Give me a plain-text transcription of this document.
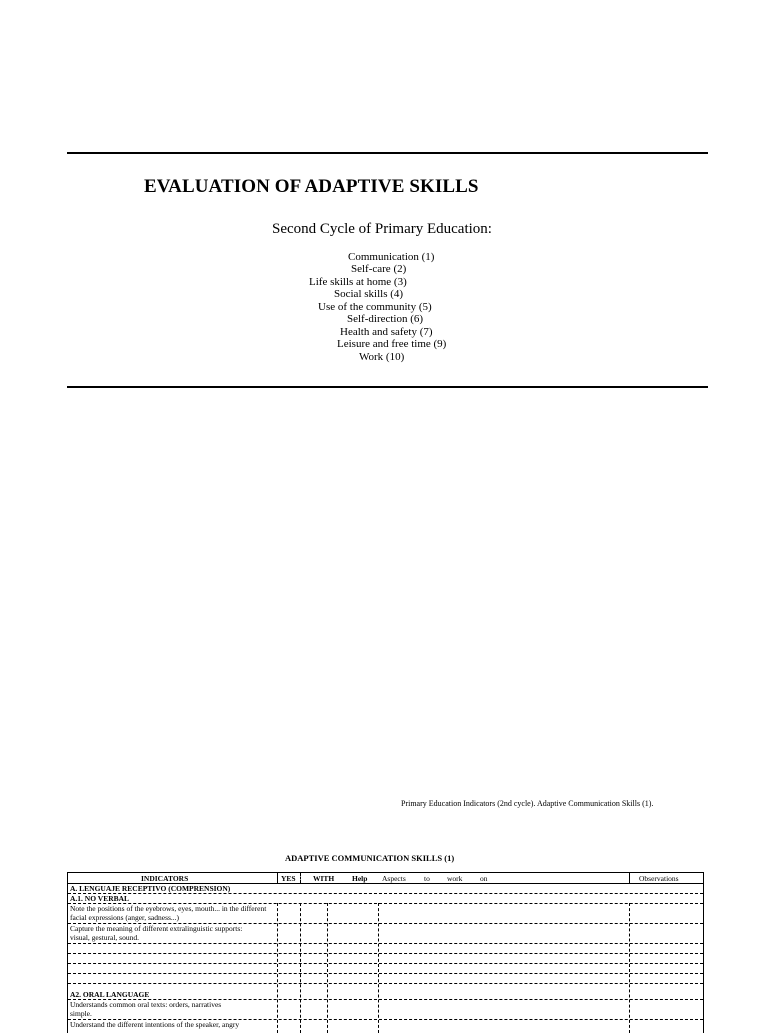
EVALUATION OF ADAPTIVE SKILLS
Second Cycle of Primary Education:
Communication (1)
Self-care (2)
Life skills at home (3)
Social skills (4)
Use of the community (5)
Self-direction (6)
Health and safety (7)
Leisure and free time (9)
Work (10)
Primary Education Indicators (2nd cycle). Adaptive Communication Skills (1).
ADAPTIVE COMMUNICATION SKILLS (1)
INDICATORS	YES WITH Help Aspects to work on	Observations
A. LENGUAJE RECEPTIVO (COMPRENSION)
A.1. NO VERBAL
Note the positions of the eyebrows, eyes, mouth... in the different
facial expressions (anger, sadness...)
Capture the meaning of different extralinguistic supports:
visual, gestural, sound.
A2. ORAL LANGUAGE
Understands common oral texts: orders, narratives
simple.
Understand the different intentions of the speaker, angry
